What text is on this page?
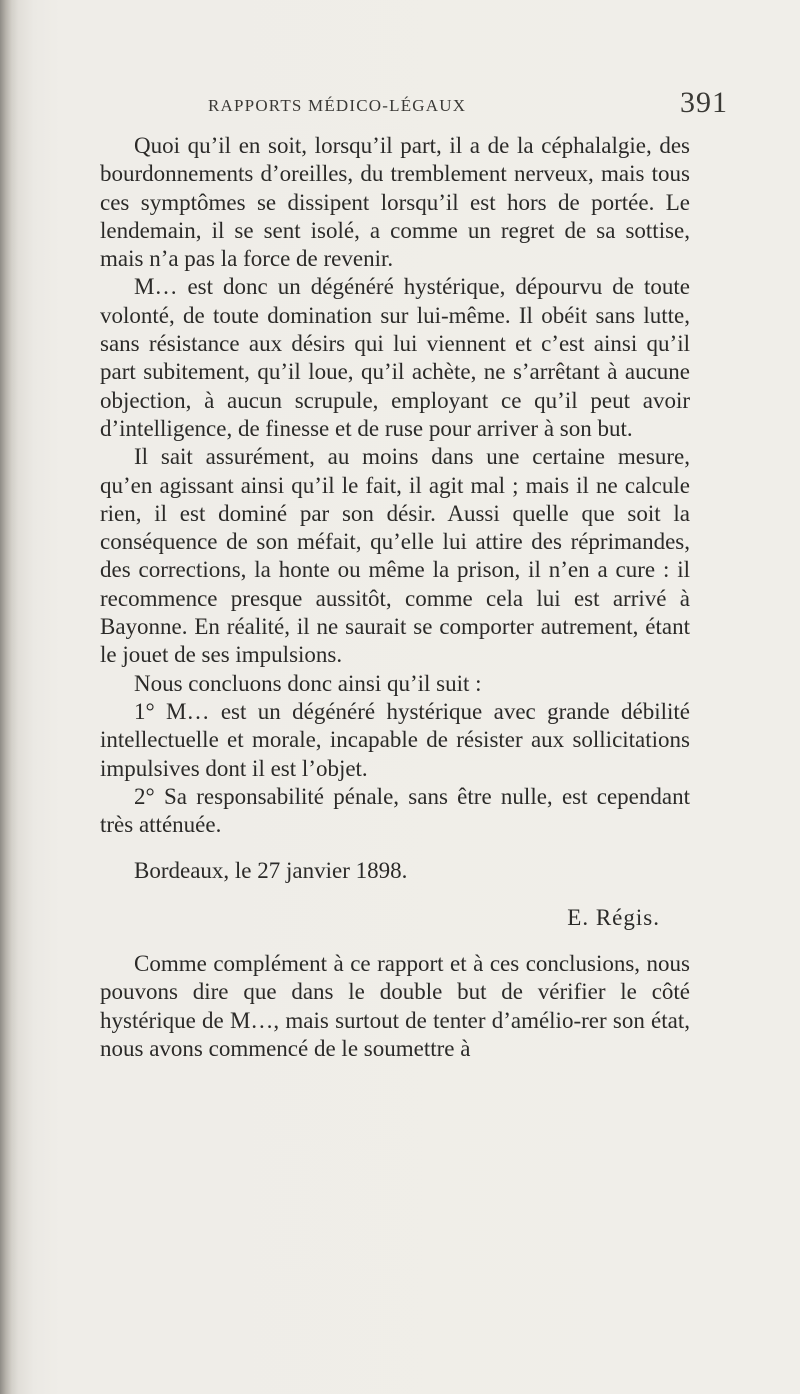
RAPPORTS MÉDICO-LÉGAUX	391

Quoi qu’il en soit, lorsqu’il part, il a de la céphalalgie, des bourdonnements d’oreilles, du tremblement nerveux, mais tous ces symptômes se dissipent lorsqu’il est hors de portée. Le lendemain, il se sent isolé, a comme un regret de sa sottise, mais n’a pas la force de revenir.

M… est donc un dégénéré hystérique, dépourvu de toute volonté, de toute domination sur lui-même. Il obéit sans lutte, sans résistance aux désirs qui lui viennent et c’est ainsi qu’il part subitement, qu’il loue, qu’il achète, ne s’arrêtant à aucune objection, à aucun scrupule, employant ce qu’il peut avoir d’intelligence, de finesse et de ruse pour arriver à son but.

Il sait assurément, au moins dans une certaine mesure, qu’en agissant ainsi qu’il le fait, il agit mal ; mais il ne calcule rien, il est dominé par son désir. Aussi quelle que soit la conséquence de son méfait, qu’elle lui attire des réprimandes, des corrections, la honte ou même la prison, il n’en a cure : il recommence presque aussitôt, comme cela lui est arrivé à Bayonne. En réalité, il ne saurait se comporter autrement, étant le jouet de ses impulsions.

Nous concluons donc ainsi qu’il suit :

1° M… est un dégénéré hystérique avec grande débilité intellectuelle et morale, incapable de résister aux sollicitations impulsives dont il est l’objet.

2° Sa responsabilité pénale, sans être nulle, est cependant très atténuée.

Bordeaux, le 27 janvier 1898.

E. Régis.

Comme complément à ce rapport et à ces conclusions, nous pouvons dire que dans le double but de vérifier le côté hystérique de M…, mais surtout de tenter d’amélio-rer son état, nous avons commencé de le soumettre à
